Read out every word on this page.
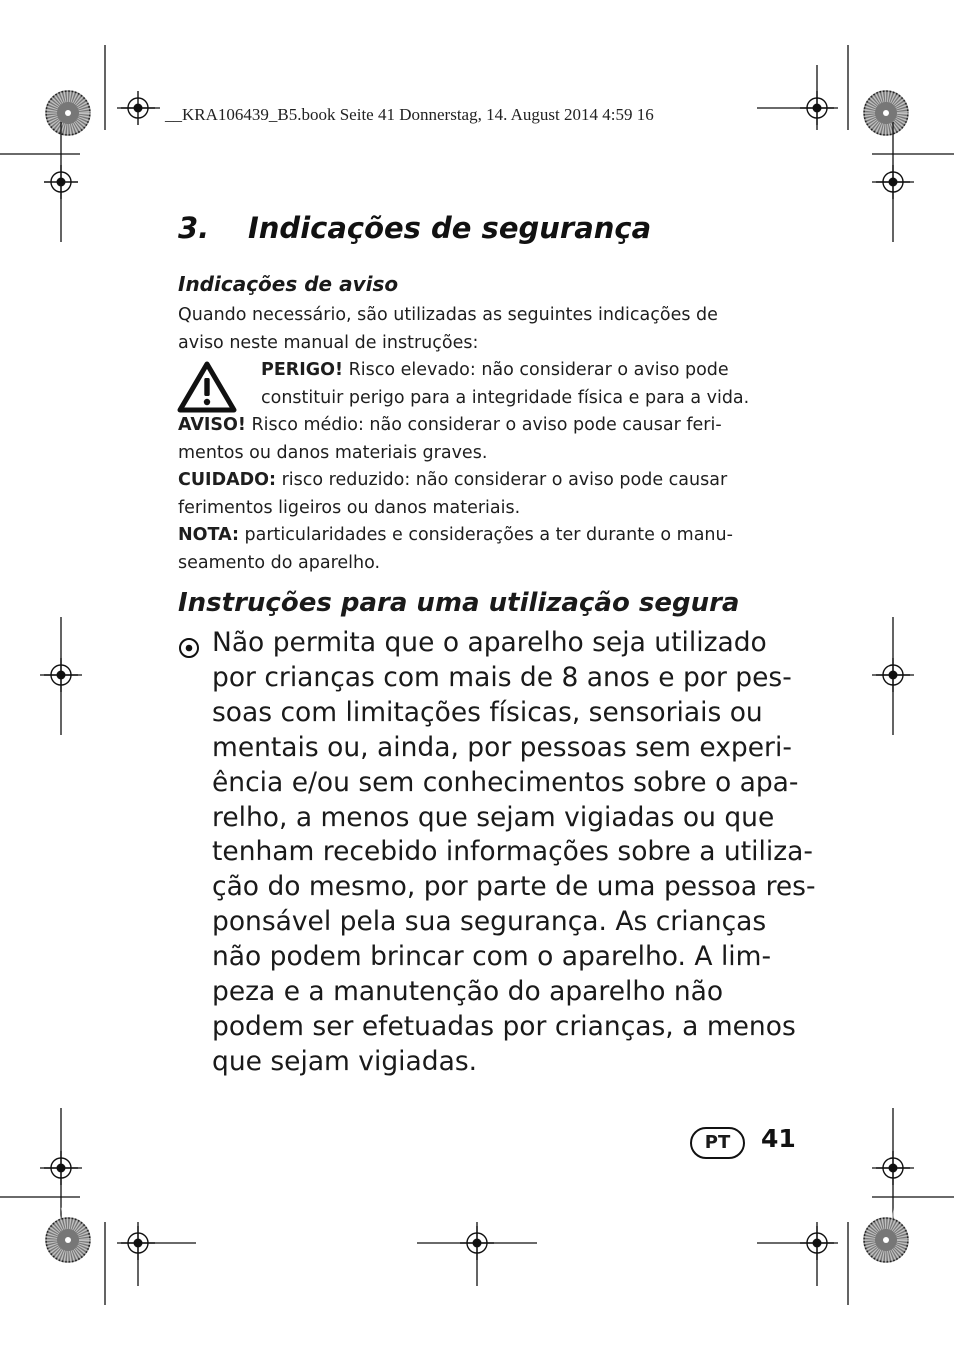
__KRA106439_B5.book Seite 41 Donnerstag, 14. August 2014 4:59 16
3. Indicações de segurança
Indicações de aviso
Quando necessário, são utilizadas as seguintes indicações de
aviso neste manual de instruções:
PERIGO! Risco elevado: não considerar o aviso pode
constituir perigo para a integridade física e para a vida.
AVISO! Risco médio: não considerar o aviso pode causar feri-
mentos ou danos materiais graves.
CUIDADO: risco reduzido: não considerar o aviso pode causar
ferimentos ligeiros ou danos materiais.
NOTA: particularidades e considerações a ter durante o manu-
seamento do aparelho.
Instruções para uma utilização segura
Não permita que o aparelho seja utilizado
por crianças com mais de 8 anos e por pes-
soas com limitações físicas, sensoriais ou
mentais ou, ainda, por pessoas sem experi-
ência e/ou sem conhecimentos sobre o apa-
relho, a menos que sejam vigiadas ou que
tenham recebido informações sobre a utiliza-
ção do mesmo, por parte de uma pessoa res-
ponsável pela sua segurança. As crianças
não podem brincar com o aparelho. A lim-
peza e a manutenção do aparelho não
podem ser efetuadas por crianças, a menos
que sejam vigiadas.
PT	41
